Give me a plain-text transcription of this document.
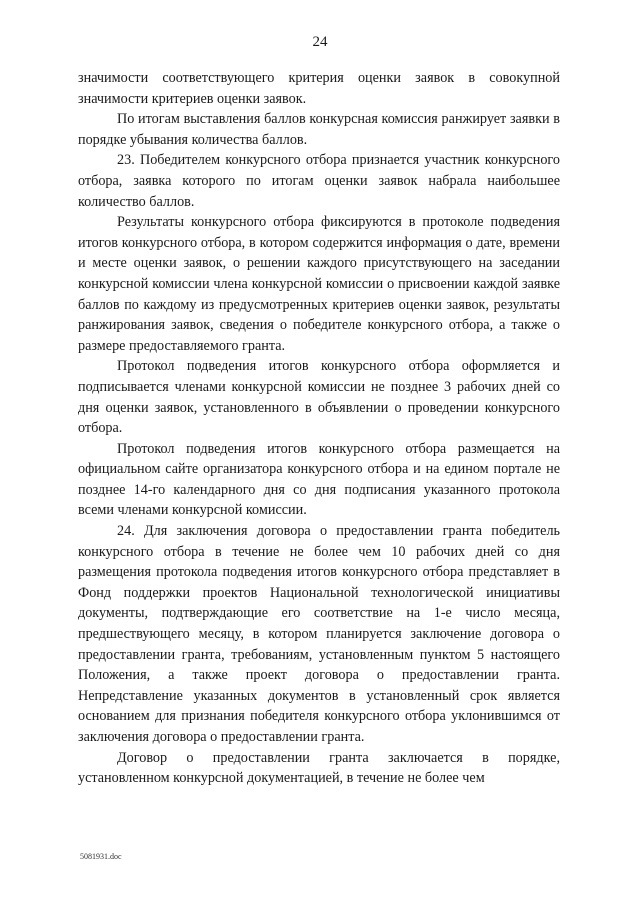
24

значимости соответствующего критерия оценки заявок в совокупной значимости критериев оценки заявок.

По итогам выставления баллов конкурсная комиссия ранжирует заявки в порядке убывания количества баллов.

23. Победителем конкурсного отбора признается участник конкурсного отбора, заявка которого по итогам оценки заявок набрала наибольшее количество баллов.

Результаты конкурсного отбора фиксируются в протоколе подведения итогов конкурсного отбора, в котором содержится информация о дате, времени и месте оценки заявок, о решении каждого присутствующего на заседании конкурсной комиссии члена конкурсной комиссии о присвоении каждой заявке баллов по каждому из предусмотренных критериев оценки заявок, результаты ранжирования заявок, сведения о победителе конкурсного отбора, а также о размере предоставляемого гранта.

Протокол подведения итогов конкурсного отбора оформляется и подписывается членами конкурсной комиссии не позднее 3 рабочих дней со дня оценки заявок, установленного в объявлении о проведении конкурсного отбора.

Протокол подведения итогов конкурсного отбора размещается на официальном сайте организатора конкурсного отбора и на едином портале не позднее 14-го календарного дня со дня подписания указанного протокола всеми членами конкурсной комиссии.

24. Для заключения договора о предоставлении гранта победитель конкурсного отбора в течение не более чем 10 рабочих дней со дня размещения протокола подведения итогов конкурсного отбора представляет в Фонд поддержки проектов Национальной технологической инициативы документы, подтверждающие его соответствие на 1-е число месяца, предшествующего месяцу, в котором планируется заключение договора о предоставлении гранта, требованиям, установленным пунктом 5 настоящего Положения, а также проект договора о предоставлении гранта. Непредставление указанных документов в установленный срок является основанием для признания победителя конкурсного отбора уклонившимся от заключения договора о предоставлении гранта.

Договор о предоставлении гранта заключается в порядке, установленном конкурсной документацией, в течение не более чем

5081931.doc
